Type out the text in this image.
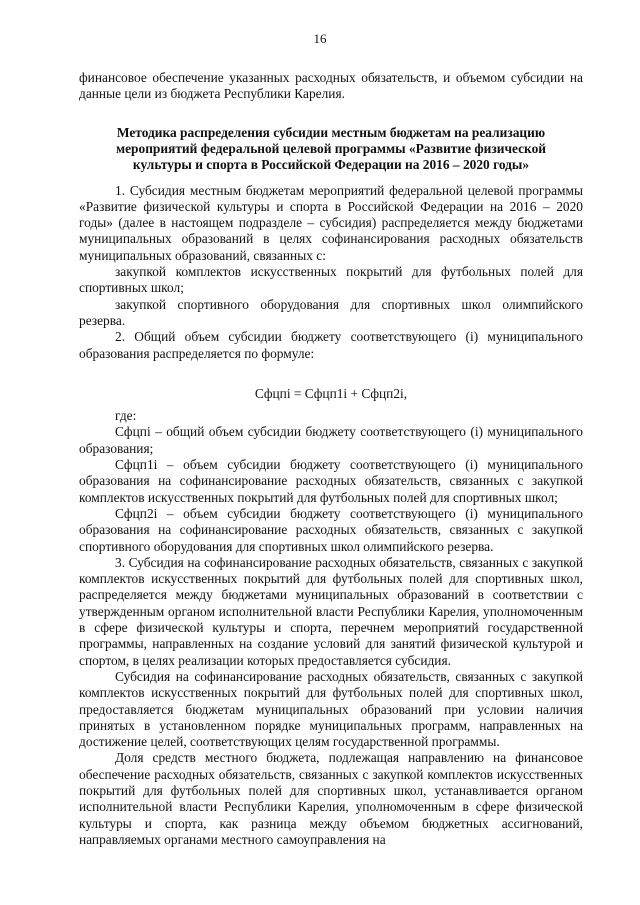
16

финансовое обеспечение указанных расходных обязательств, и объемом субсидии на данные цели из бюджета Республики Карелия.

Методика распределения субсидии местным бюджетам на реализацию мероприятий федеральной целевой программы «Развитие физической культуры и спорта в Российской Федерации на 2016 – 2020 годы»

1. Субсидия местным бюджетам мероприятий федеральной целевой программы «Развитие физической культуры и спорта в Российской Федерации на 2016 – 2020 годы» (далее в настоящем подразделе – субсидия) распределяется между бюджетами муниципальных образований в целях софинансирования расходных обязательств муниципальных образований, связанных с:

закупкой комплектов искусственных покрытий для футбольных полей для спортивных школ;

закупкой спортивного оборудования для спортивных школ олимпийского резерва.

2. Общий объем субсидии бюджету соответствующего (i) муниципального образования распределяется по формуле:

Сфцпi = Сфцп1i + Сфцп2i,

где:

Сфцпi – общий объем субсидии бюджету соответствующего (i) муниципального образования;

Сфцп1i – объем субсидии бюджету соответствующего (i) муниципального образования на софинансирование расходных обязательств, связанных с закупкой комплектов искусственных покрытий для футбольных полей для спортивных школ;

Сфцп2i – объем субсидии бюджету соответствующего (i) муниципального образования на софинансирование расходных обязательств, связанных с закупкой спортивного оборудования для спортивных школ олимпийского резерва.

3. Субсидия на софинансирование расходных обязательств, связанных с закупкой комплектов искусственных покрытий для футбольных полей для спортивных школ, распределяется между бюджетами муниципальных образований в соответствии с утвержденным органом исполнительной власти Республики Карелия, уполномоченным в сфере физической культуры и спорта, перечнем мероприятий государственной программы, направленных на создание условий для занятий физической культурой и спортом, в целях реализации которых предоставляется субсидия.

Субсидия на софинансирование расходных обязательств, связанных с закупкой комплектов искусственных покрытий для футбольных полей для спортивных школ, предоставляется бюджетам муниципальных образований при условии наличия принятых в установленном порядке муниципальных программ, направленных на достижение целей, соответствующих целям государственной программы.

Доля средств местного бюджета, подлежащая направлению на финансовое обеспечение расходных обязательств, связанных с закупкой комплектов искусственных покрытий для футбольных полей для спортивных школ, устанавливается органом исполнительной власти Республики Карелия, уполномоченным в сфере физической культуры и спорта, как разница между объемом бюджетных ассигнований, направляемых органами местного самоуправления на
